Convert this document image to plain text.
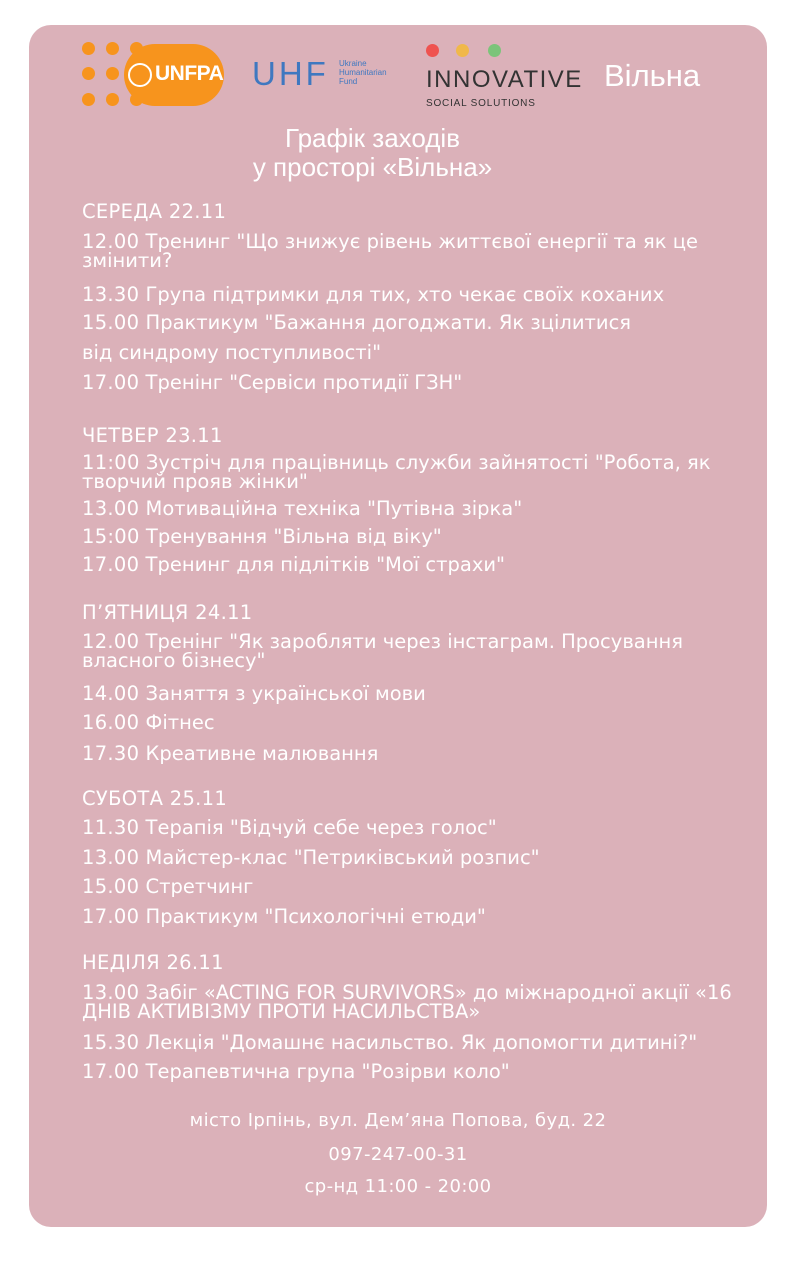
UNFPA UHF Ukraine Humanitarian Fund	INNOVATIVE
SOCIAL SOLUTIONS
Вільна
Графік заходів
у просторі «Вільна»
СЕРЕДА 22.11
12.00 Тренинг "Що знижує рівень життєвої енергії та як це змінити?
13.30 Група підтримки для тих, хто чекає своїх коханих
15.00 Практикум "Бажання догоджати. Як зцілитися
від синдрому поступливості"
17.00 Тренінг "Сервіси протидії ГЗН"
ЧЕТВЕР 23.11
11:00 Зустріч для працівниць служби зайнятості "Робота, як творчий прояв жінки"
13.00 Мотиваційна техніка "Путівна зірка"
15:00 Тренування "Вільна від віку"
17.00 Тренинг для підлітків "Мої страхи"
П’ЯТНИЦЯ 24.11
12.00 Тренінг "Як заробляти через інстаграм. Просування власного бізнесу"
14.00 Заняття з української мови
16.00 Фітнес
17.30 Креативне малювання
СУБОТА 25.11
11.30 Терапія "Відчуй себе через голос"
13.00 Майстер-клас "Петриківський розпис"
15.00 Стретчинг
17.00 Практикум "Психологічні етюди"
НЕДІЛЯ 26.11
13.00 Забіг «ACTING FOR SURVIVORS» до міжнародної акції «16 ДНІВ АКТИВІЗМУ ПРОТИ НАСИЛЬСТВА»
15.30 Лекція "Домашнє насильство. Як допомогти дитині?"
17.00 Терапевтична група "Розірви коло"
місто Ірпінь, вул. Дем’яна Попова, буд. 22
097-247-00-31
ср-нд 11:00 - 20:00
